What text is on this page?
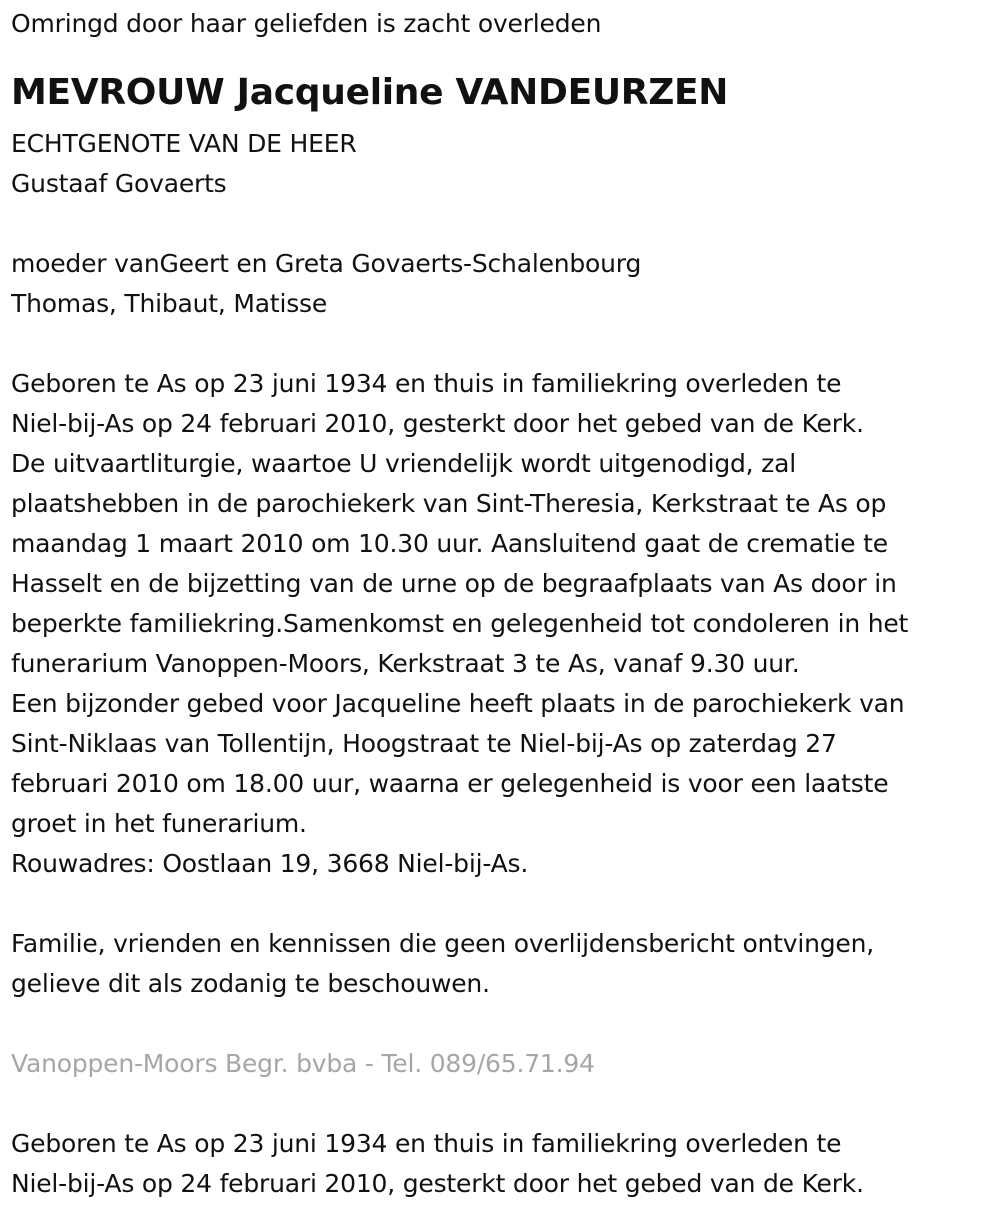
Omringd door haar geliefden is zacht overleden
MEVROUW Jacqueline VANDEURZEN
ECHTGENOTE VAN DE HEER
Gustaaf Govaerts
moeder vanGeert en Greta Govaerts-Schalenbourg
Thomas, Thibaut, Matisse
Geboren te As op 23 juni 1934 en thuis in familiekring overleden te
Niel-bij-As op 24 februari 2010, gesterkt door het gebed van de Kerk.
De uitvaartliturgie, waartoe U vriendelijk wordt uitgenodigd, zal
plaatshebben in de parochiekerk van Sint-Theresia, Kerkstraat te As op
maandag 1 maart 2010 om 10.30 uur. Aansluitend gaat de crematie te
Hasselt en de bijzetting van de urne op de begraafplaats van As door in
beperkte familiekring.Samenkomst en gelegenheid tot condoleren in het
funerarium Vanoppen-Moors, Kerkstraat 3 te As, vanaf 9.30 uur.
Een bijzonder gebed voor Jacqueline heeft plaats in de parochiekerk van
Sint-Niklaas van Tollentijn, Hoogstraat te Niel-bij-As op zaterdag 27
februari 2010 om 18.00 uur, waarna er gelegenheid is voor een laatste
groet in het funerarium.
Rouwadres: Oostlaan 19, 3668 Niel-bij-As.
Familie, vrienden en kennissen die geen overlijdensbericht ontvingen,
gelieve dit als zodanig te beschouwen.
Vanoppen-Moors Begr. bvba - Tel. 089/65.71.94
Geboren te As op 23 juni 1934 en thuis in familiekring overleden te
Niel-bij-As op 24 februari 2010, gesterkt door het gebed van de Kerk.
